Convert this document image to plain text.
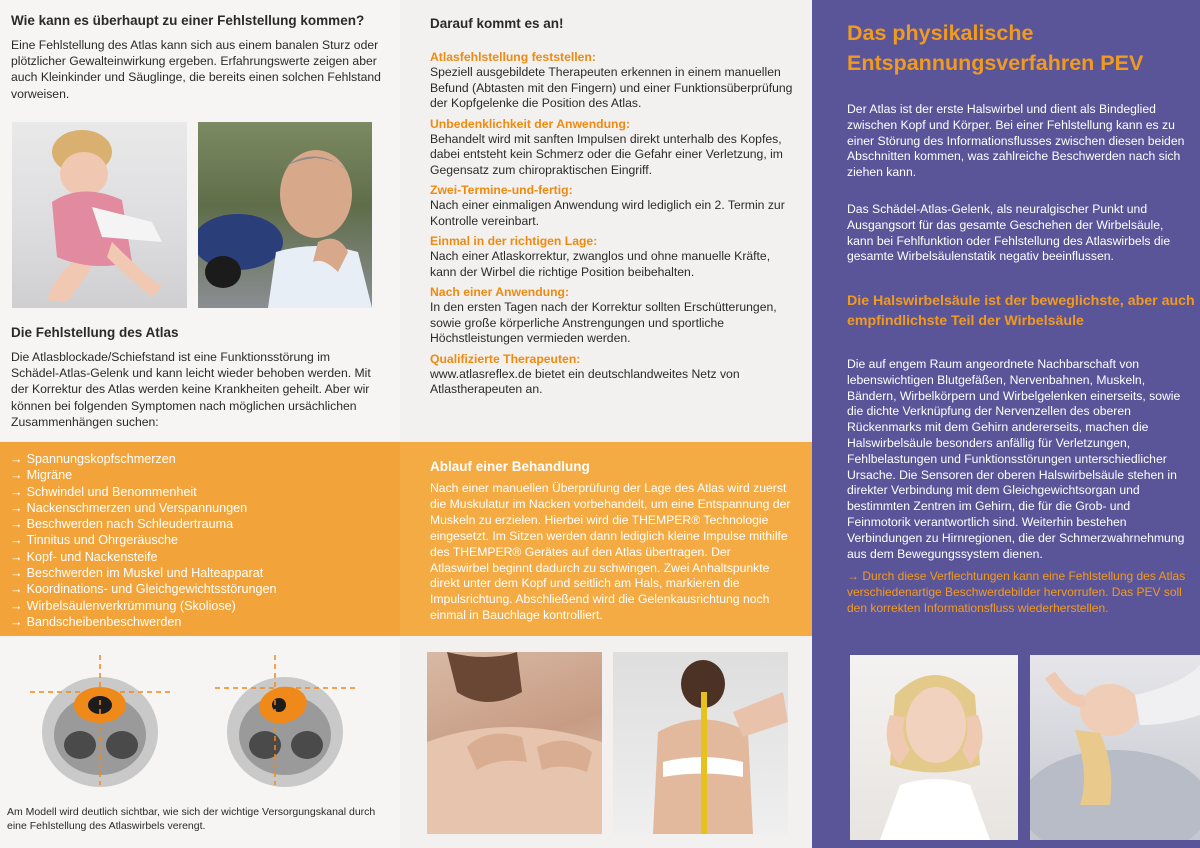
Wie kann es überhaupt zu einer Fehlstellung kommen?
Eine Fehlstellung des Atlas kann sich aus einem banalen Sturz oder plötzlicher Gewalteinwirkung ergeben. Erfahrungswerte zeigen aber auch Kleinkinder und Säuglinge, die bereits einen solchen Fehlstand vorweisen.
Die Fehlstellung des Atlas
Die Atlasblockade/Schiefstand ist eine Funktionsstörung im Schädel-Atlas-Gelenk und kann leicht wieder behoben werden. Mit der Korrektur des Atlas werden keine Krankheiten geheilt. Aber wir können bei folgenden Symptomen nach möglichen ursächlichen Zusammenhängen suchen:
Darauf kommt es an!
Atlasfehlstellung feststellen:
Speziell ausgebildete Therapeuten erkennen in einem manuellen Befund (Abtasten mit den Fingern) und einer Funktionsüberprüfung der Kopfgelenke die Position des Atlas.
Unbedenklichkeit der Anwendung:
Behandelt wird mit sanften Impulsen direkt unterhalb des Kopfes, dabei entsteht kein Schmerz oder die Gefahr einer Verletzung, im Gegensatz zum chiropraktischen Eingriff.
Zwei-Termine-und-fertig:
Nach einer einmaligen Anwendung wird lediglich ein 2. Termin zur Kontrolle vereinbart.
Einmal in der richtigen Lage:
Nach einer Atlaskorrektur, zwanglos und ohne manuelle Kräfte, kann der Wirbel die richtige Position beibehalten.
Nach einer Anwendung:
In den ersten Tagen nach der Korrektur sollten Erschütterungen, sowie große körperliche Anstrengungen und sportliche Höchstleistungen vermieden werden.
Qualifizierte Therapeuten:
www.atlasreflex.de bietet ein deutschlandweites Netz von Atlastherapeuten an.
→ Spannungskopfschmerzen
→ Migräne
→ Schwindel und Benommenheit
→ Nackenschmerzen und Verspannungen
→ Beschwerden nach Schleudertrauma
→ Tinnitus und Ohrgeräusche
→ Kopf- und Nackensteife
→ Beschwerden im Muskel und Halteapparat
→ Koordinations- und Gleichgewichtsstörungen
→ Wirbelsäulenverkrümmung (Skoliose)
→ Bandscheibenbeschwerden
Ablauf einer Behandlung
Nach einer manuellen Überprüfung der Lage des Atlas wird zuerst die Muskulatur im Nacken vorbehandelt, um eine Entspannung der Muskeln zu erzielen. Hierbei wird die THEMPER® Technologie eingesetzt. Im Sitzen werden dann lediglich kleine Impulse mithilfe des THEMPER® Gerätes auf den Atlas übertragen. Der Atlaswirbel beginnt dadurch zu schwingen. Zwei Anhaltspunkte direkt unter dem Kopf und seitlich am Hals, markieren die Impulsrichtung. Abschließend wird die Gelenkausrichtung noch einmal in Bauchlage kontrolliert.
Am Modell wird deutlich sichtbar, wie sich der wichtige Versorgungskanal durch eine Fehlstellung des Atlaswirbels verengt.
Das physikalische Entspannungsverfahren PEV
Der Atlas ist der erste Halswirbel und dient als Bindeglied zwischen Kopf und Körper. Bei einer Fehlstellung kann es zu einer Störung des Informationsflusses zwischen diesen beiden Abschnitten kommen, was zahlreiche Beschwerden nach sich ziehen kann.
Das Schädel-Atlas-Gelenk, als neuralgischer Punkt und Ausgangsort für das gesamte Geschehen der Wirbelsäule, kann bei Fehlfunktion oder Fehlstellung des Atlaswirbels die gesamte Wirbelsäulenstatik negativ beeinflussen.
Die Halswirbelsäule ist der beweglichste, aber auch empfindlichste Teil der Wirbelsäule
Die auf engem Raum angeordnete Nachbarschaft von lebenswichtigen Blutgefäßen, Nervenbahnen, Muskeln, Bändern, Wirbelkörpern und Wirbelgelenken einerseits, sowie die dichte Verknüpfung der Nervenzellen des oberen Rückenmarks mit dem Gehirn andererseits, machen die Halswirbelsäule besonders anfällig für Verletzungen, Fehlbelastungen und Funktionsstörungen unterschiedlicher Ursache. Die Sensoren der oberen Halswirbelsäule stehen in direkter Verbindung mit dem Gleichgewichtsorgan und bestimmten Zentren im Gehirn, die für die Grob- und Feinmotorik verantwortlich sind. Weiterhin bestehen Verbindungen zu Hirnregionen, die der Schmerzwahrnehmung aus dem Bewegungssystem dienen.
→ Durch diese Verflechtungen kann eine Fehlstellung des Atlas verschiedenartige Beschwerdebilder hervorrufen. Das PEV soll den korrekten Informationsfluss wiederherstellen.
